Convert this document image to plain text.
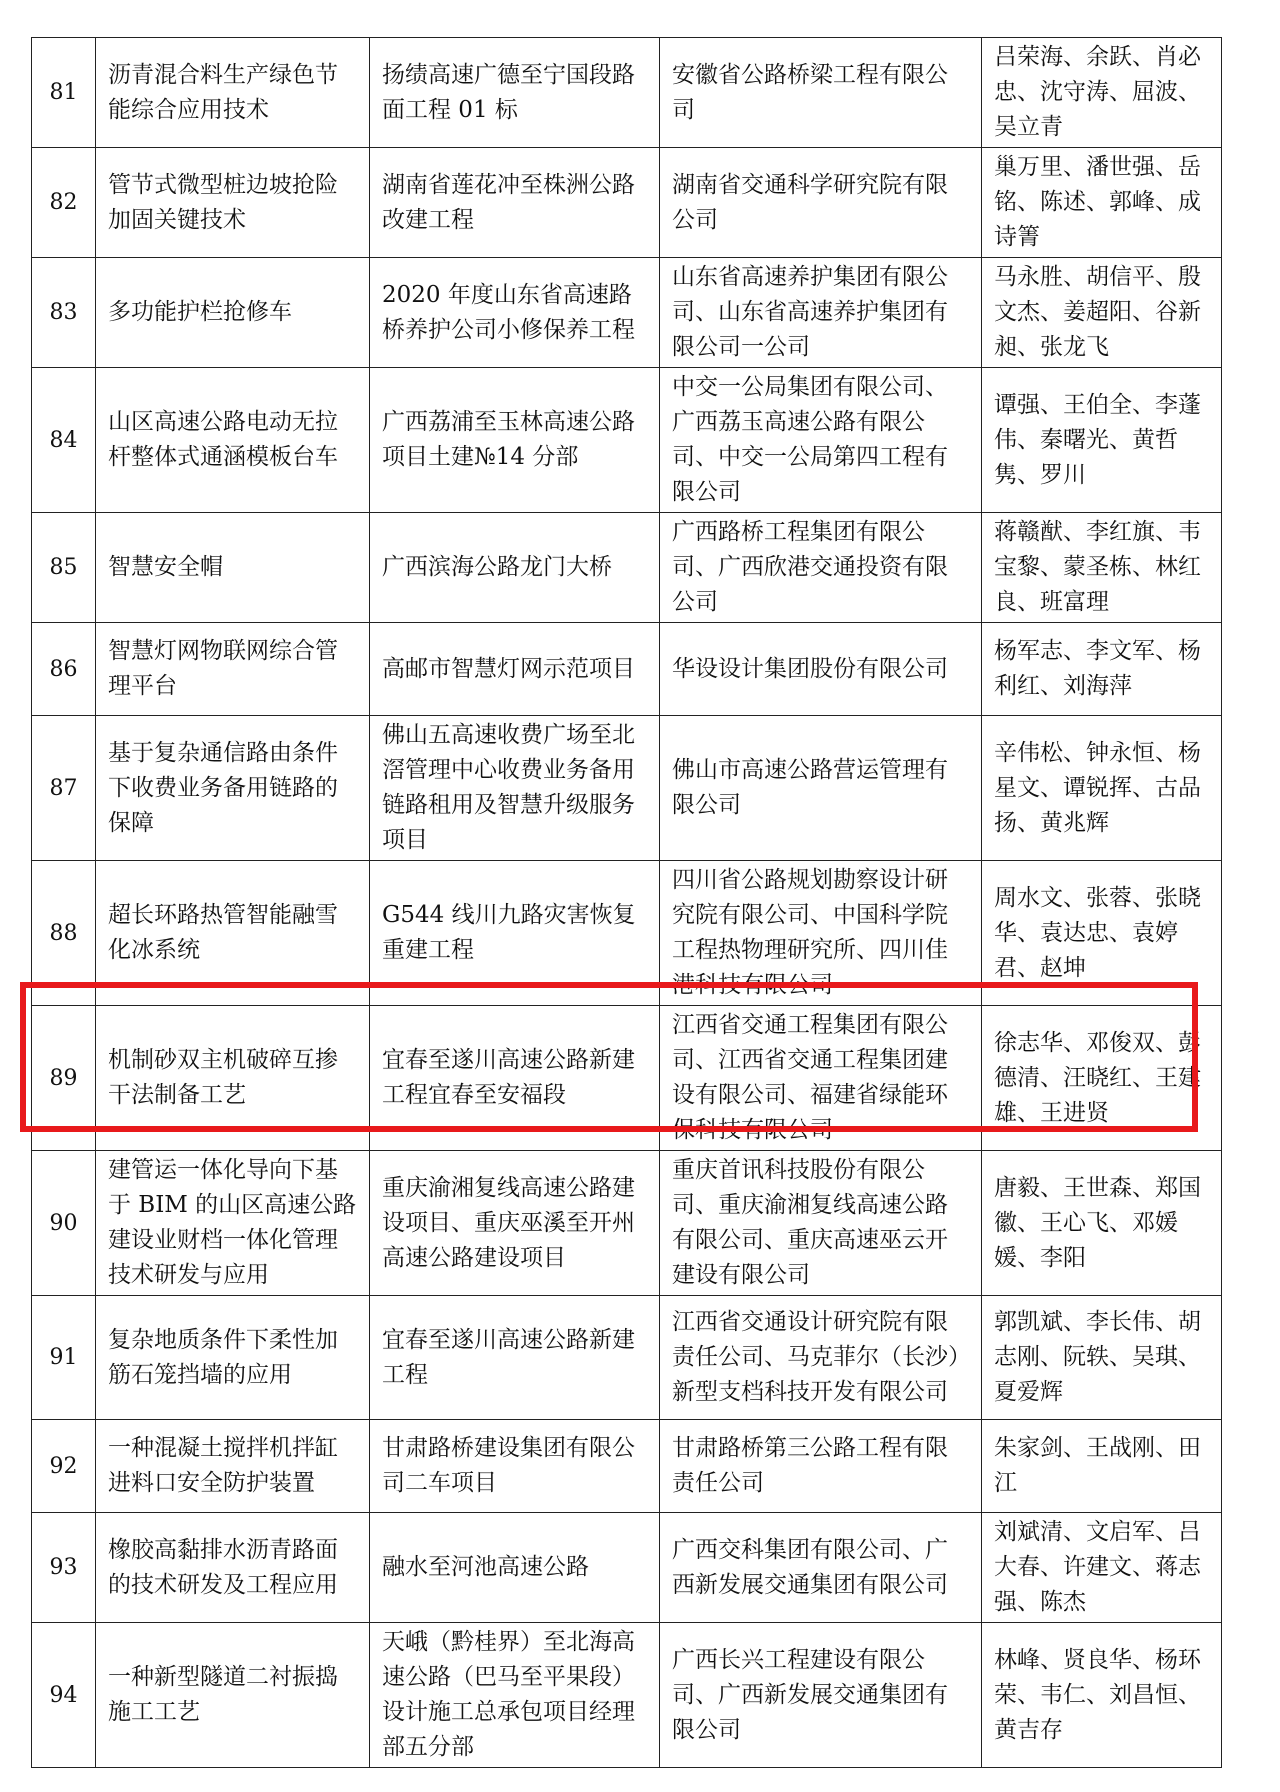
81	沥青混合料生产绿色节能综合应用技术	扬绩高速广德至宁国段路面工程 01 标	安徽省公路桥梁工程有限公司	吕荣海、余跃、肖必忠、沈守涛、屈波、吴立青
82	管节式微型桩边坡抢险加固关键技术	湖南省莲花冲至株洲公路改建工程	湖南省交通科学研究院有限公司	巢万里、潘世强、岳铭、陈述、郭峰、成诗箐
83	多功能护栏抢修车	2020 年度山东省高速路桥养护公司小修保养工程	山东省高速养护集团有限公司、山东省高速养护集团有限公司一公司	马永胜、胡信平、殷文杰、姜超阳、谷新昶、张龙飞
84	山区高速公路电动无拉杆整体式通涵模板台车	广西荔浦至玉林高速公路项目土建№14 分部	中交一公局集团有限公司、广西荔玉高速公路有限公司、中交一公局第四工程有限公司	谭强、王伯全、李蓬伟、秦曙光、黄哲隽、罗川
85	智慧安全帽	广西滨海公路龙门大桥	广西路桥工程集团有限公司、广西欣港交通投资有限公司	蒋赣猷、李红旗、韦宝黎、蒙圣栋、林红良、班富理
86	智慧灯网物联网综合管理平台	高邮市智慧灯网示范项目	华设设计集团股份有限公司	杨军志、李文军、杨利红、刘海萍
87	基于复杂通信路由条件下收费业务备用链路的保障	佛山五高速收费广场至北滘管理中心收费业务备用链路租用及智慧升级服务项目	佛山市高速公路营运管理有限公司	辛伟松、钟永恒、杨星文、谭锐挥、古品扬、黄兆辉
88	超长环路热管智能融雪化冰系统	G544 线川九路灾害恢复重建工程	四川省公路规划勘察设计研究院有限公司、中国科学院工程热物理研究所、四川佳港科技有限公司	周水文、张蓉、张晓华、袁达忠、袁婷君、赵坤
89	机制砂双主机破碎互掺干法制备工艺	宜春至遂川高速公路新建工程宜春至安福段	江西省交通工程集团有限公司、江西省交通工程集团建设有限公司、福建省绿能环保科技有限公司	徐志华、邓俊双、彭德清、汪晓红、王建雄、王进贤
90	建管运一体化导向下基于 BIM 的山区高速公路建设业财档一体化管理技术研发与应用	重庆渝湘复线高速公路建设项目、重庆巫溪至开州高速公路建设项目	重庆首讯科技股份有限公司、重庆渝湘复线高速公路有限公司、重庆高速巫云开建设有限公司	唐毅、王世森、郑国徽、王心飞、邓媛媛、李阳
91	复杂地质条件下柔性加筋石笼挡墙的应用	宜春至遂川高速公路新建工程	江西省交通设计研究院有限责任公司、马克菲尔（长沙）新型支档科技开发有限公司	郭凯斌、李长伟、胡志刚、阮轶、吴琪、夏爱辉
92	一种混凝土搅拌机拌缸进料口安全防护装置	甘肃路桥建设集团有限公司二车项目	甘肃路桥第三公路工程有限责任公司	朱家剑、王战刚、田江
93	橡胶高黏排水沥青路面的技术研发及工程应用	融水至河池高速公路	广西交科集团有限公司、广西新发展交通集团有限公司	刘斌清、文启军、吕大春、许建文、蒋志强、陈杰
94	一种新型隧道二衬振捣施工工艺	天峨（黔桂界）至北海高速公路（巴马至平果段）设计施工总承包项目经理部五分部	广西长兴工程建设有限公司、广西新发展交通集团有限公司	林峰、贤良华、杨环荣、韦仁、刘昌恒、黄吉存
